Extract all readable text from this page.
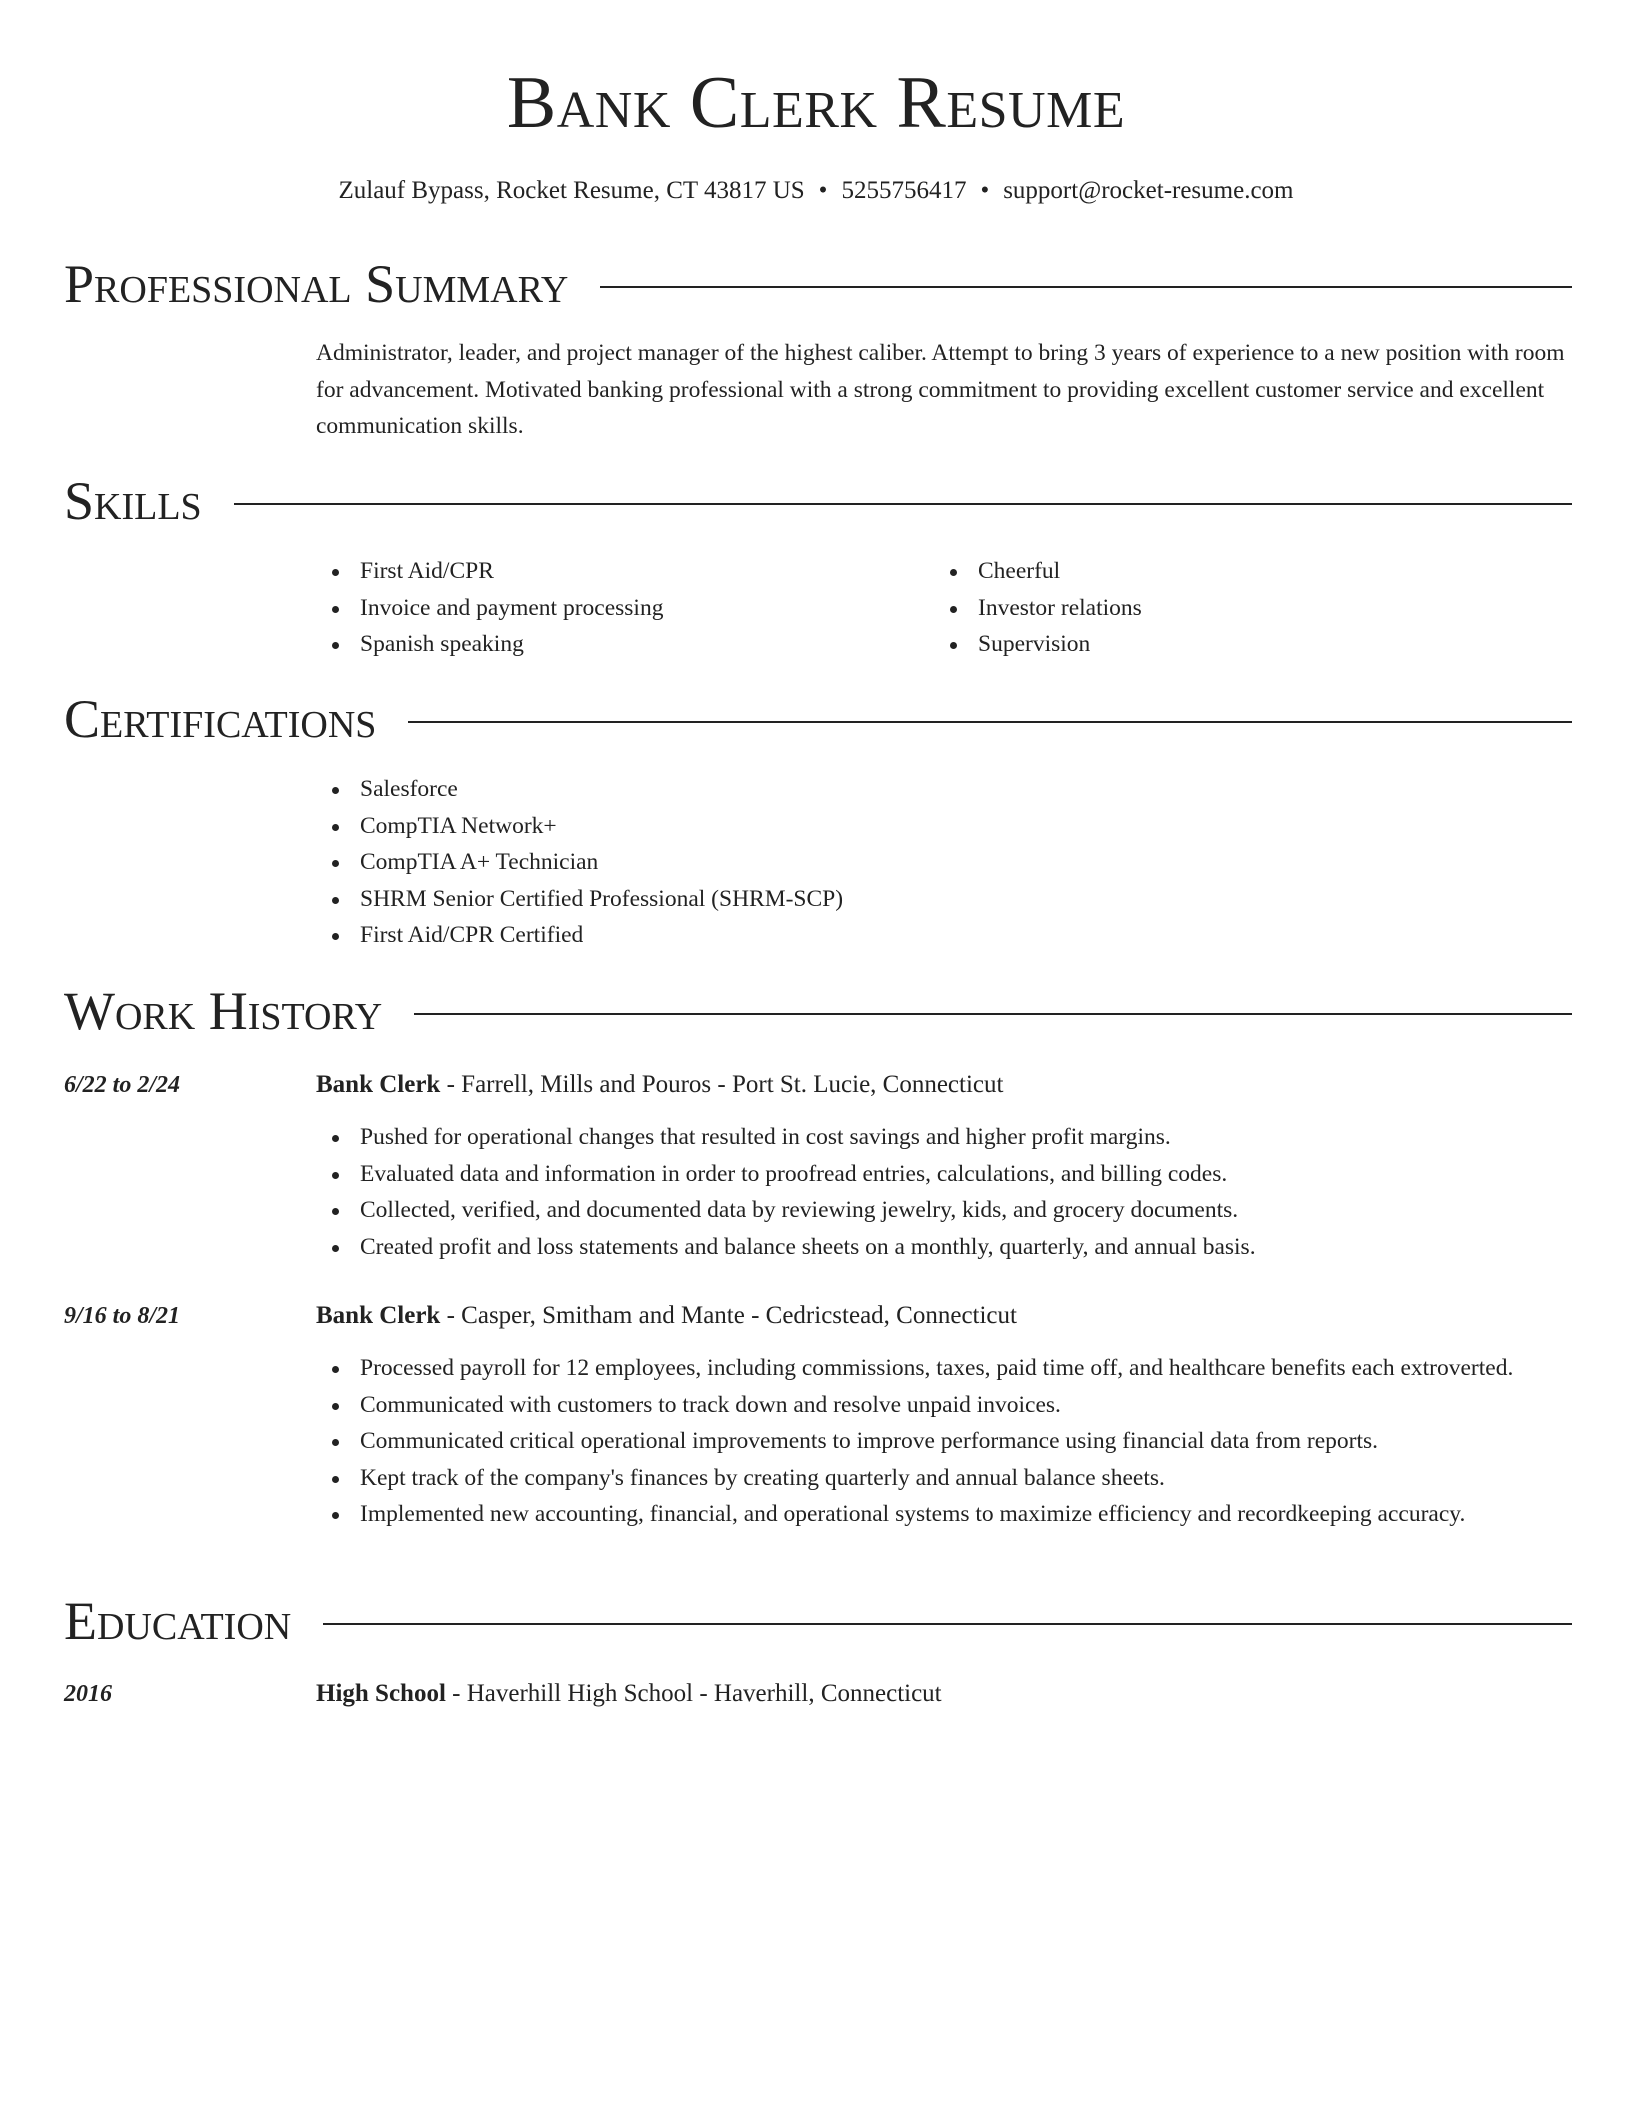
Bank Clerk Resume
Zulauf Bypass, Rocket Resume, CT 43817 US • 5255756417 • support@rocket-resume.com
Professional Summary

Administrator, leader, and project manager of the highest caliber. Attempt to bring 3 years of experience to a new position with room for advancement. Motivated banking professional with a strong commitment to providing excellent customer service and excellent communication skills.

Skills
First Aid/CPR
Invoice and payment processing
Spanish speaking
Cheerful
Investor relations
Supervision
Certifications
Salesforce
CompTIA Network+
CompTIA A+ Technician
SHRM Senior Certified Professional (SHRM-SCP)
First Aid/CPR Certified
Work History
6/22 to 2/24	Bank Clerk - Farrell, Mills and Pouros - Port St. Lucie, Connecticut
Pushed for operational changes that resulted in cost savings and higher profit margins.
Evaluated data and information in order to proofread entries, calculations, and billing codes.
Collected, verified, and documented data by reviewing jewelry, kids, and grocery documents.
Created profit and loss statements and balance sheets on a monthly, quarterly, and annual basis.
9/16 to 8/21	Bank Clerk - Casper, Smitham and Mante - Cedricstead, Connecticut
Processed payroll for 12 employees, including commissions, taxes, paid time off, and healthcare benefits each extroverted.
Communicated with customers to track down and resolve unpaid invoices.
Communicated critical operational improvements to improve performance using financial data from reports.
Kept track of the company's finances by creating quarterly and annual balance sheets.
Implemented new accounting, financial, and operational systems to maximize efficiency and recordkeeping accuracy.
Education
2016	High School - Haverhill High School - Haverhill, Connecticut
